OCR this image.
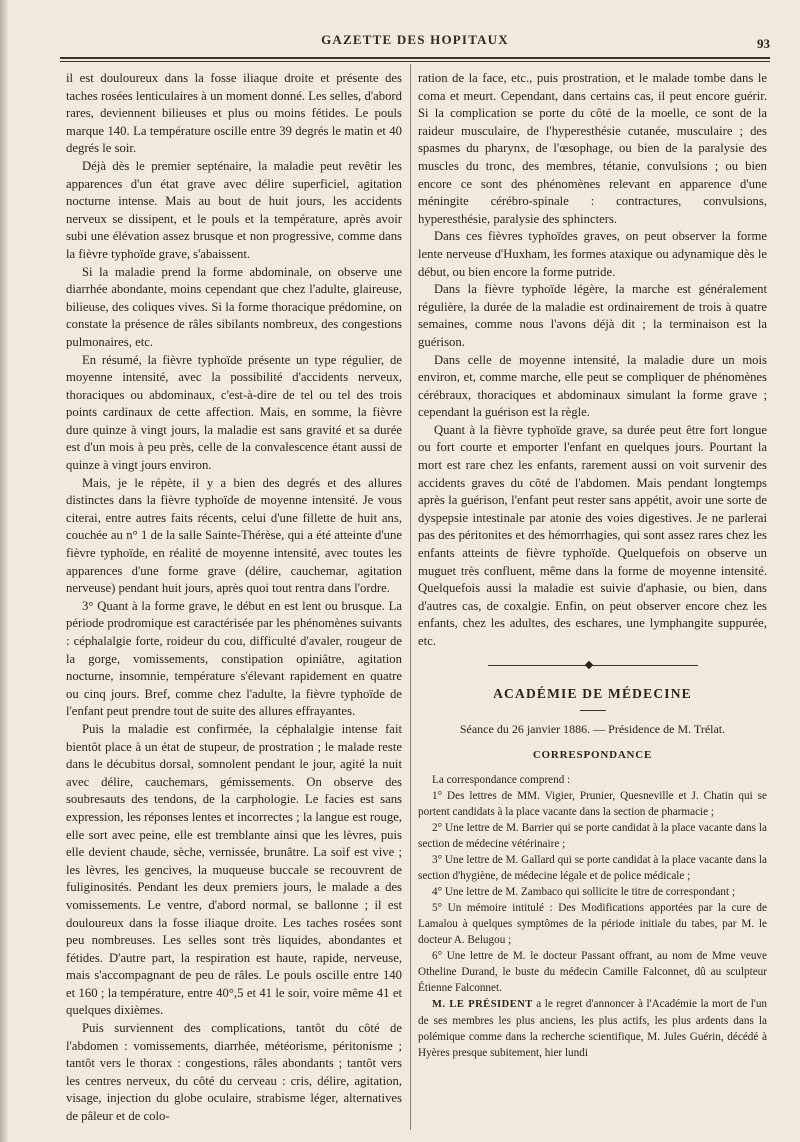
GAZETTE DES HOPITAUX	93

il est douloureux dans la fosse iliaque droite et présente des taches rosées lenticulaires à un moment donné. Les selles, d'abord rares, deviennent bilieuses et plus ou moins fétides. Le pouls marque 140. La température oscille entre 39 degrés le matin et 40 degrés le soir.

Déjà dès le premier septénaire, la maladie peut revêtir les apparences d'un état grave avec délire superficiel, agitation nocturne intense. Mais au bout de huit jours, les accidents nerveux se dissipent, et le pouls et la température, après avoir subi une élévation assez brusque et non progressive, comme dans la fièvre typhoïde grave, s'abaissent.

Si la maladie prend la forme abdominale, on observe une diarrhée abondante, moins cependant que chez l'adulte, glaireuse, bilieuse, des coliques vives. Si la forme thoracique prédomine, on constate la présence de râles sibilants nombreux, des congestions pulmonaires, etc.

En résumé, la fièvre typhoïde présente un type régulier, de moyenne intensité, avec la possibilité d'accidents nerveux, thoraciques ou abdominaux, c'est-à-dire de tel ou tel des trois points cardinaux de cette affection. Mais, en somme, la fièvre dure quinze à vingt jours, la maladie est sans gravité et sa durée est d'un mois à peu près, celle de la convalescence étant aussi de quinze à vingt jours environ.

Mais, je le répète, il y a bien des degrés et des allures distinctes dans la fièvre typhoïde de moyenne intensité. Je vous citerai, entre autres faits récents, celui d'une fillette de huit ans, couchée au n° 1 de la salle Sainte-Thérèse, qui a été atteinte d'une fièvre typhoïde, en réalité de moyenne intensité, avec toutes les apparences d'une forme grave (délire, cauchemar, agitation nerveuse) pendant huit jours, après quoi tout rentra dans l'ordre.

3° Quant à la forme grave, le début en est lent ou brusque. La période prodromique est caractérisée par les phénomènes suivants : céphalalgie forte, roideur du cou, difficulté d'avaler, rougeur de la gorge, vomissements, constipation opiniâtre, agitation nocturne, insomnie, température s'élevant rapidement en quatre ou cinq jours. Bref, comme chez l'adulte, la fièvre typhoïde de l'enfant peut prendre tout de suite des allures effrayantes.

Puis la maladie est confirmée, la céphalalgie intense fait bientôt place à un état de stupeur, de prostration ; le malade reste dans le décubitus dorsal, somnolent pendant le jour, agité la nuit avec délire, cauchemars, gémissements. On observe des soubresauts des tendons, de la carphologie. Le facies est sans expression, les réponses lentes et incorrectes ; la langue est rouge, elle sort avec peine, elle est tremblante ainsi que les lèvres, puis elle devient chaude, sèche, vernissée, brunâtre. La soif est vive ; les lèvres, les gencives, la muqueuse buccale se recouvrent de fuliginosités. Pendant les deux premiers jours, le malade a des vomissements. Le ventre, d'abord normal, se ballonne ; il est douloureux dans la fosse iliaque droite. Les taches rosées sont peu nombreuses. Les selles sont très liquides, abondantes et fétides. D'autre part, la respiration est haute, rapide, nerveuse, mais s'accompagnant de peu de râles. Le pouls oscille entre 140 et 160 ; la température, entre 40°,5 et 41 le soir, voire même 41 et quelques dixièmes.

Puis surviennent des complications, tantôt du côté de l'abdomen : vomissements, diarrhée, météorisme, péritonisme ; tantôt vers le thorax : congestions, râles abondants ; tantôt vers les centres nerveux, du côté du cerveau : cris, délire, agitation, visage, injection du globe oculaire, strabisme léger, alternatives de pâleur et de colo-

ration de la face, etc., puis prostration, et le malade tombe dans le coma et meurt. Cependant, dans certains cas, il peut encore guérir. Si la complication se porte du côté de la moelle, ce sont de la raideur musculaire, de l'hyperesthésie cutanée, musculaire ; des spasmes du pharynx, de l'œsophage, ou bien de la paralysie des muscles du tronc, des membres, tétanie, convulsions ; ou bien encore ce sont des phénomènes relevant en apparence d'une méningite cérébro-spinale : contractures, convulsions, hyperesthésie, paralysie des sphincters.

Dans ces fièvres typhoïdes graves, on peut observer la forme lente nerveuse d'Huxham, les formes ataxique ou adynamique dès le début, ou bien encore la forme putride.

Dans la fièvre typhoïde légère, la marche est généralement régulière, la durée de la maladie est ordinairement de trois à quatre semaines, comme nous l'avons déjà dit ; la terminaison est la guérison.

Dans celle de moyenne intensité, la maladie dure un mois environ, et, comme marche, elle peut se compliquer de phénomènes cérébraux, thoraciques et abdominaux simulant la forme grave ; cependant la guérison est la règle.

Quant à la fièvre typhoïde grave, sa durée peut être fort longue ou fort courte et emporter l'enfant en quelques jours. Pourtant la mort est rare chez les enfants, rarement aussi on voit survenir des accidents graves du côté de l'abdomen. Mais pendant longtemps après la guérison, l'enfant peut rester sans appétit, avoir une sorte de dyspepsie intestinale par atonie des voies digestives. Je ne parlerai pas des péritonites et des hémorrhagies, qui sont assez rares chez les enfants atteints de fièvre typhoïde. Quelquefois on observe un muguet très confluent, même dans la forme de moyenne intensité. Quelquefois aussi la maladie est suivie d'aphasie, ou bien, dans d'autres cas, de coxalgie. Enfin, on peut observer encore chez les enfants, chez les adultes, des eschares, une lymphangite suppurée, etc.

ACADÉMIE DE MÉDECINE
Séance du 26 janvier 1886. — Présidence de M. Trélat.
CORRESPONDANCE

La correspondance comprend :

1° Des lettres de MM. Vigier, Prunier, Quesneville et J. Chatin qui se portent candidats à la place vacante dans la section de pharmacie ;

2° Une lettre de M. Barrier qui se porte candidat à la place vacante dans la section de médecine vétérinaire ;

3° Une lettre de M. Gallard qui se porte candidat à la place vacante dans la section d'hygiène, de médecine légale et de police médicale ;

4° Une lettre de M. Zambaco qui sollicite le titre de correspondant ;

5° Un mémoire intitulé : Des Modifications apportées par la cure de Lamalou à quelques symptômes de la période initiale du tabes, par M. le docteur A. Belugou ;

6° Une lettre de M. le docteur Passant offrant, au nom de Mme veuve Otheline Durand, le buste du médecin Camille Falconnet, dû au sculpteur Étienne Falconnet.

M. LE PRÉSIDENT a le regret d'annoncer à l'Académie la mort de l'un de ses membres les plus anciens, les plus actifs, les plus ardents dans la polémique comme dans la recherche scientifique, M. Jules Guérin, décédé à Hyères presque subitement, hier lundi
